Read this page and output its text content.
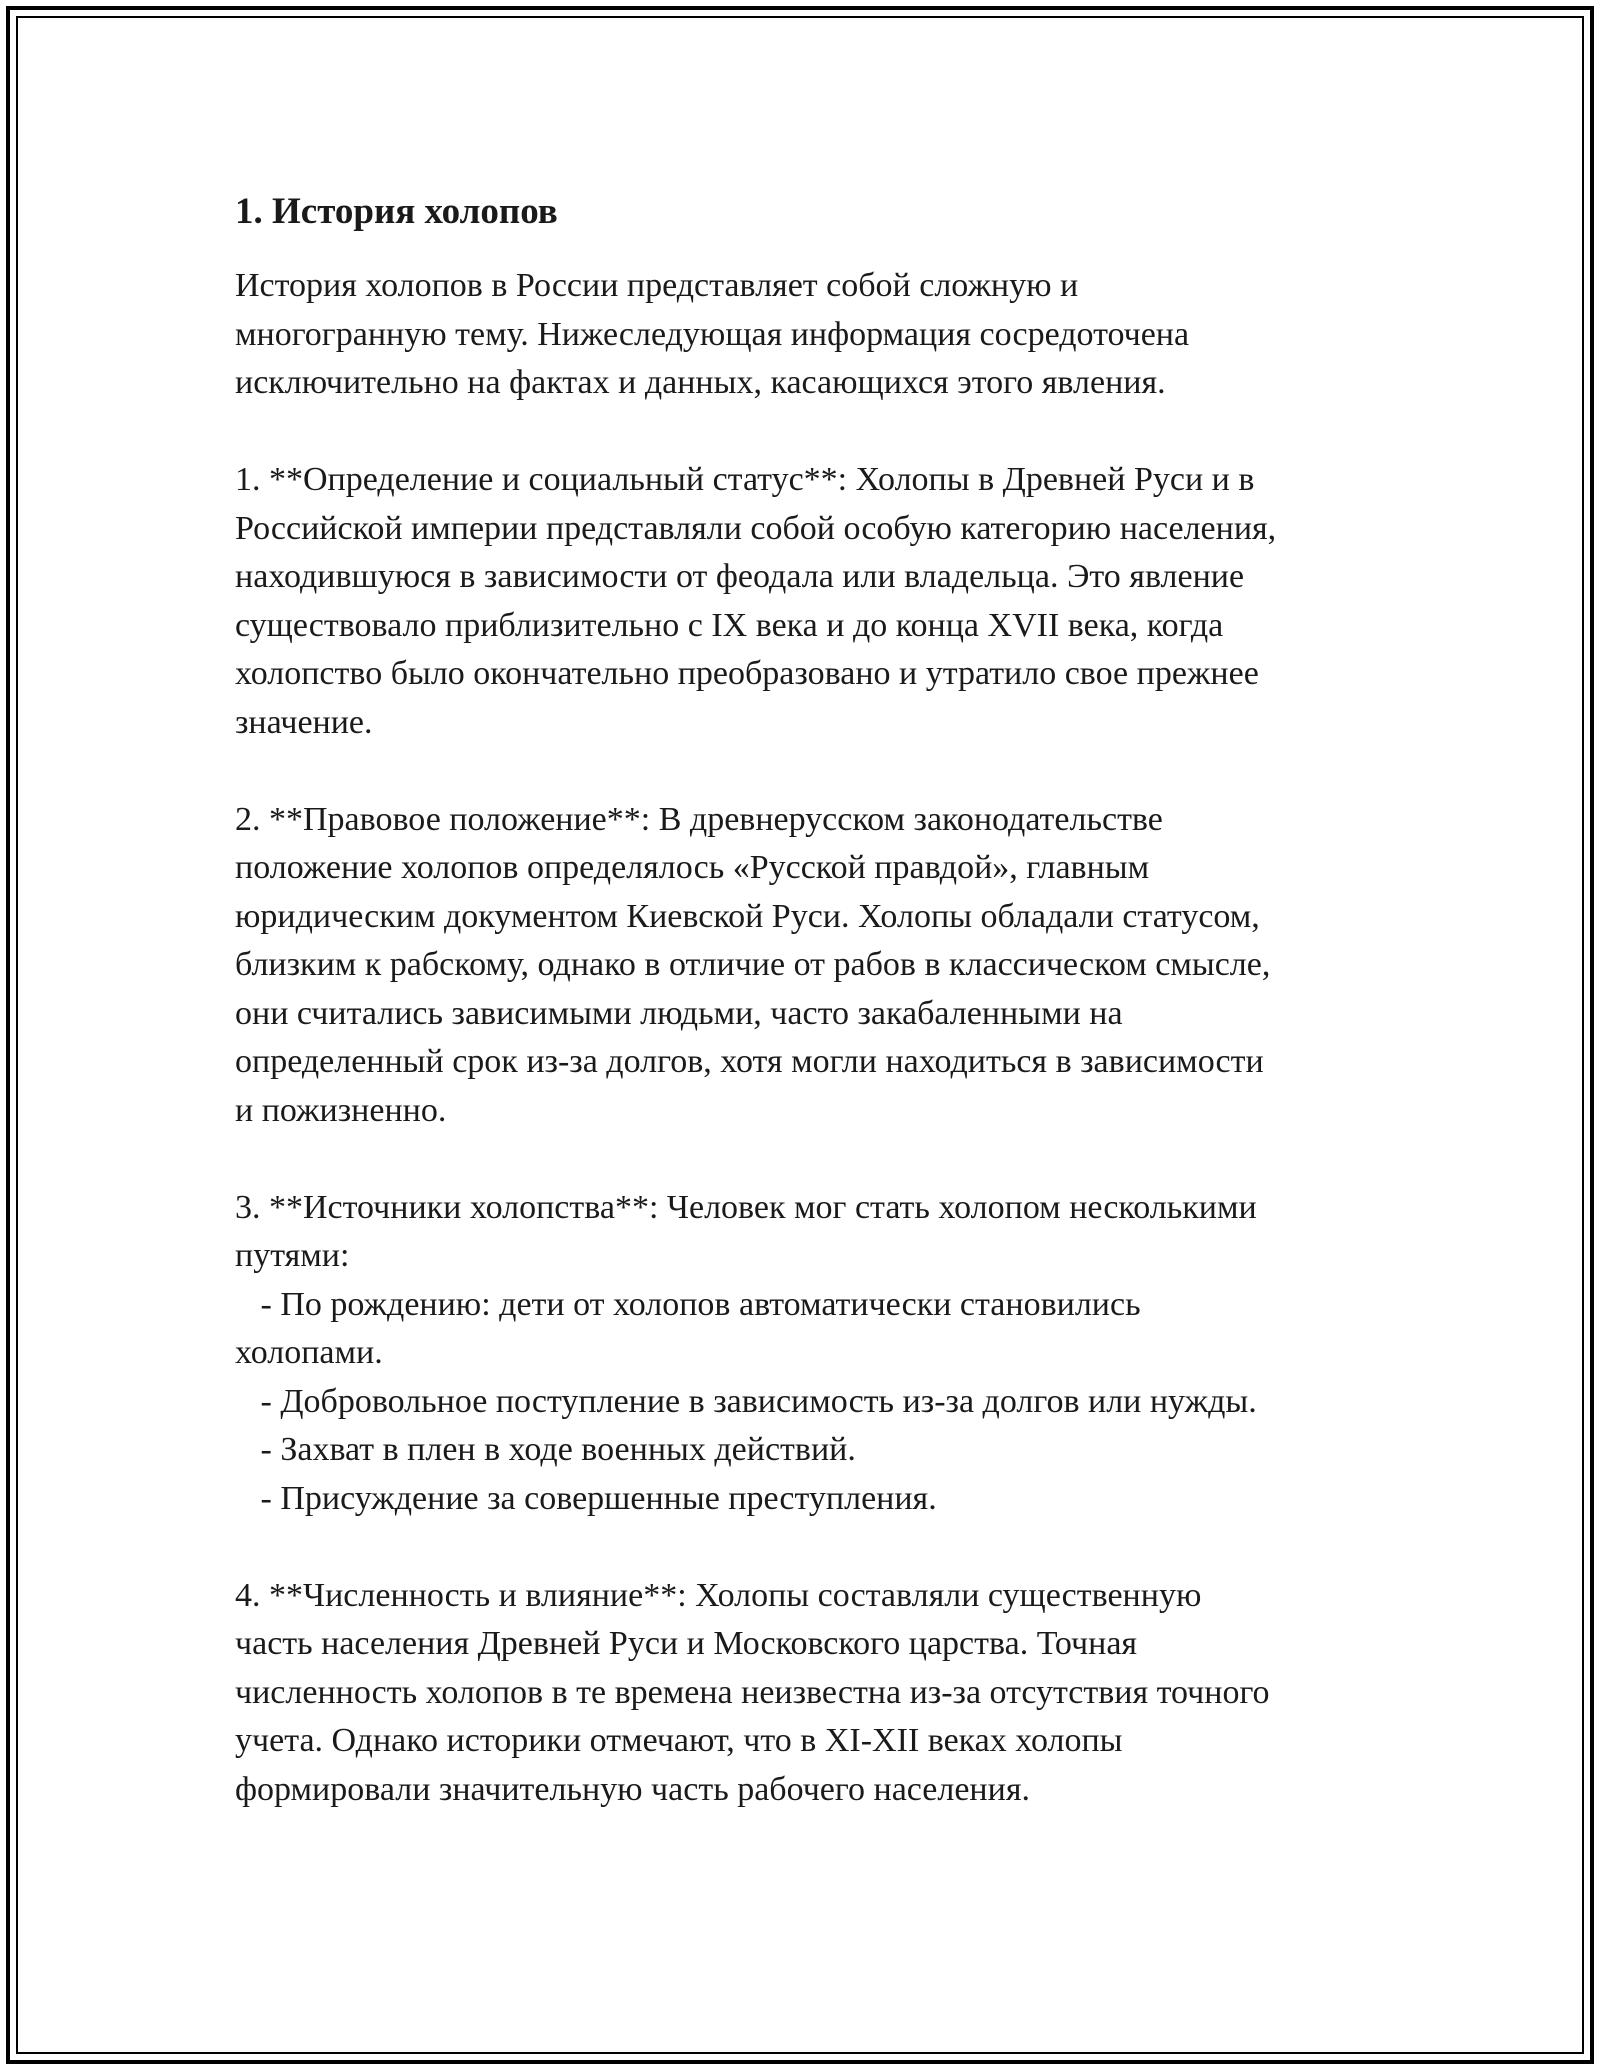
1. История холопов

История холопов в России представляет собой сложную и
многогранную тему. Нижеследующая информация сосредоточена
исключительно на фактах и данных, касающихся этого явления.

1. **Определение и социальный статус**: Холопы в Древней Руси и в
Российской империи представляли собой особую категорию населения,
находившуюся в зависимости от феодала или владельца. Это явление
существовало приблизительно с IX века и до конца XVII века, когда
холопство было окончательно преобразовано и утратило свое прежнее
значение.

2. **Правовое положение**: В древнерусском законодательстве
положение холопов определялось «Русской правдой», главным
юридическим документом Киевской Руси. Холопы обладали статусом,
близким к рабскому, однако в отличие от рабов в классическом смысле,
они считались зависимыми людьми, часто закабаленными на
определенный срок из-за долгов, хотя могли находиться в зависимости
и пожизненно.

3. **Источники холопства**: Человек мог стать холопом несколькими
путями:
- По рождению: дети от холопов автоматически становились
холопами.
- Добровольное поступление в зависимость из-за долгов или нужды.
- Захват в плен в ходе военных действий.
- Присуждение за совершенные преступления.

4. **Численность и влияние**: Холопы составляли существенную
часть населения Древней Руси и Московского царства. Точная
численность холопов в те времена неизвестна из-за отсутствия точного
учета. Однако историки отмечают, что в XI-XII веках холопы
формировали значительную часть рабочего населения.
